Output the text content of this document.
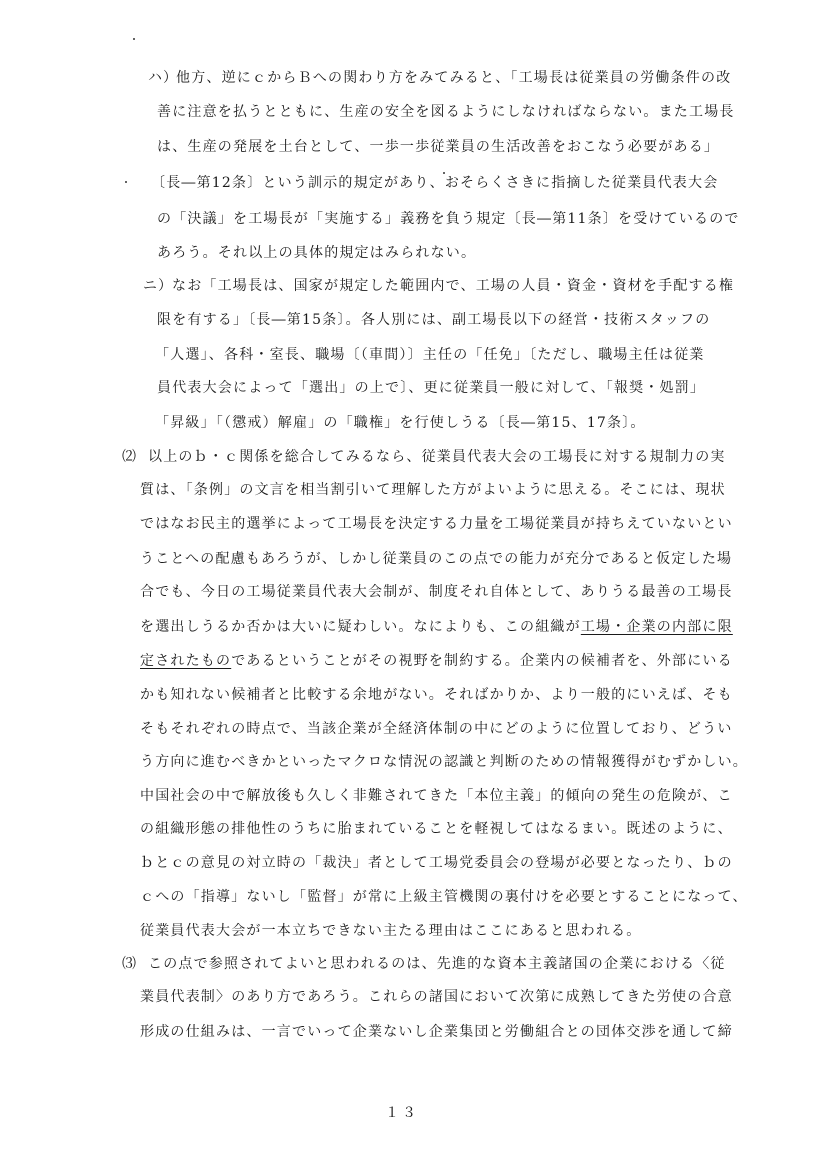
ハ）
他方、逆にｃからＢへの関わり方をみてみると、「工場長は従業員の労働条件の改
善に注意を払うとともに、生産の安全を図るようにしなければならない。また工場長
は、生産の発展を土台として、一歩一歩従業員の生活改善をおこなう必要がある」
〔長―第12条〕という訓示的規定があり、おそらくさきに指摘した従業員代表大会
の「決議」を工場長が「実施する」義務を負う規定〔長―第11条〕を受けているので
あろう。それ以上の具体的規定はみられない。
ニ） なお「工場長は、国家が規定した範囲内で、工場の人員・資金・資材を手配する権
限を有する」〔長―第15条〕。各人別には、副工場長以下の経営・技術スタッフの
「人選」、各科・室長、職場〔（車間）〕主任の「任免」〔ただし、職場主任は従業
員代表大会によって「選出」の上で〕、更に従業員一般に対して、「報奨・処罰」
「昇級」「（懲戒）解雇」の「職権」を行使しうる〔長―第15、17条〕。
⑵ 以上のｂ・ｃ関係を総合してみるなら、従業員代表大会の工場長に対する規制力の実
質は、「条例」の文言を相当割引いて理解した方がよいように思える。そこには、現状
ではなお民主的選挙によって工場長を決定する力量を工場従業員が持ちえていないとい
うことへの配慮もあろうが、しかし従業員のこの点での能力が充分であると仮定した場
合でも、今日の工場従業員代表大会制が、制度それ自体として、ありうる最善の工場長
を選出しうるか否かは大いに疑わしい。なによりも、この組織が工場・企業の内部に限
定されたものであるということがその視野を制約する。企業内の候補者を、外部にいる
かも知れない候補者と比較する余地がない。そればかりか、より一般的にいえば、そも
そもそれぞれの時点で、当該企業が全経済体制の中にどのように位置しており、どうい
う方向に進むべきかといったマクロな情況の認識と判断のための情報獲得がむずかしい。
中国社会の中で解放後も久しく非難されてきた「本位主義」的傾向の発生の危険が、こ
の組織形態の排他性のうちに胎まれていることを軽視してはなるまい。既述のように、
ｂとｃの意見の対立時の「裁決」者として工場党委員会の登場が必要となったり、ｂの
ｃへの「指導」ないし「監督」が常に上級主管機関の裏付けを必要とすることになって、
従業員代表大会が一本立ちできない主たる理由はここにあると思われる。
⑶ この点で参照されてよいと思われるのは、先進的な資本主義諸国の企業における〈従
業員代表制〉のあり方であろう。これらの諸国において次第に成熟してきた労使の合意
形成の仕組みは、一言でいって企業ないし企業集団と労働組合との団体交渉を通して締
１３
